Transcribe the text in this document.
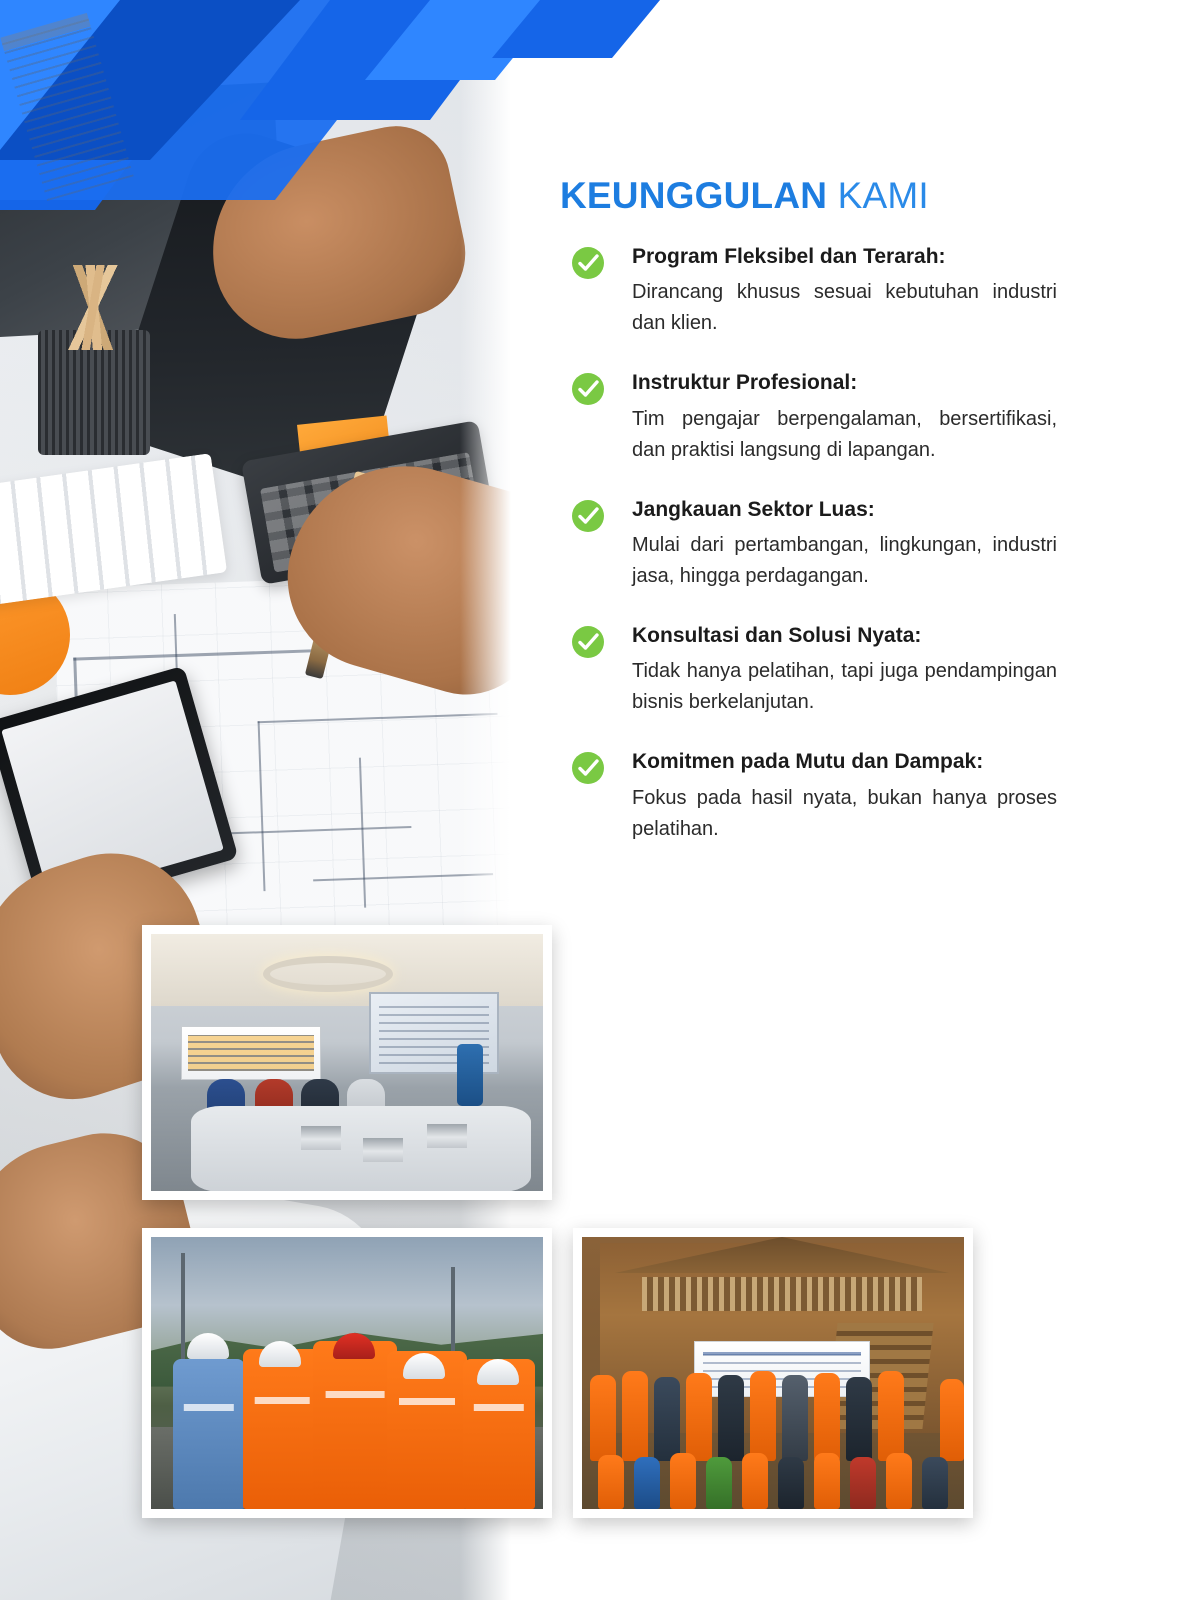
KEUNGGULAN KAMI
Program Fleksibel dan Terarah:
Dirancang khusus sesuai kebutuhan industri dan klien.
Instruktur Profesional:
Tim pengajar berpengalaman, bersertifikasi, dan praktisi langsung di lapangan.
Jangkauan Sektor Luas:
Mulai dari pertambangan, lingkungan, industri jasa, hingga perdagangan.
Konsultasi dan Solusi Nyata:
Tidak hanya pelatihan, tapi juga pendampingan bisnis berkelanjutan.
Komitmen pada Mutu dan Dampak:
Fokus pada hasil nyata, bukan hanya proses pelatihan.
